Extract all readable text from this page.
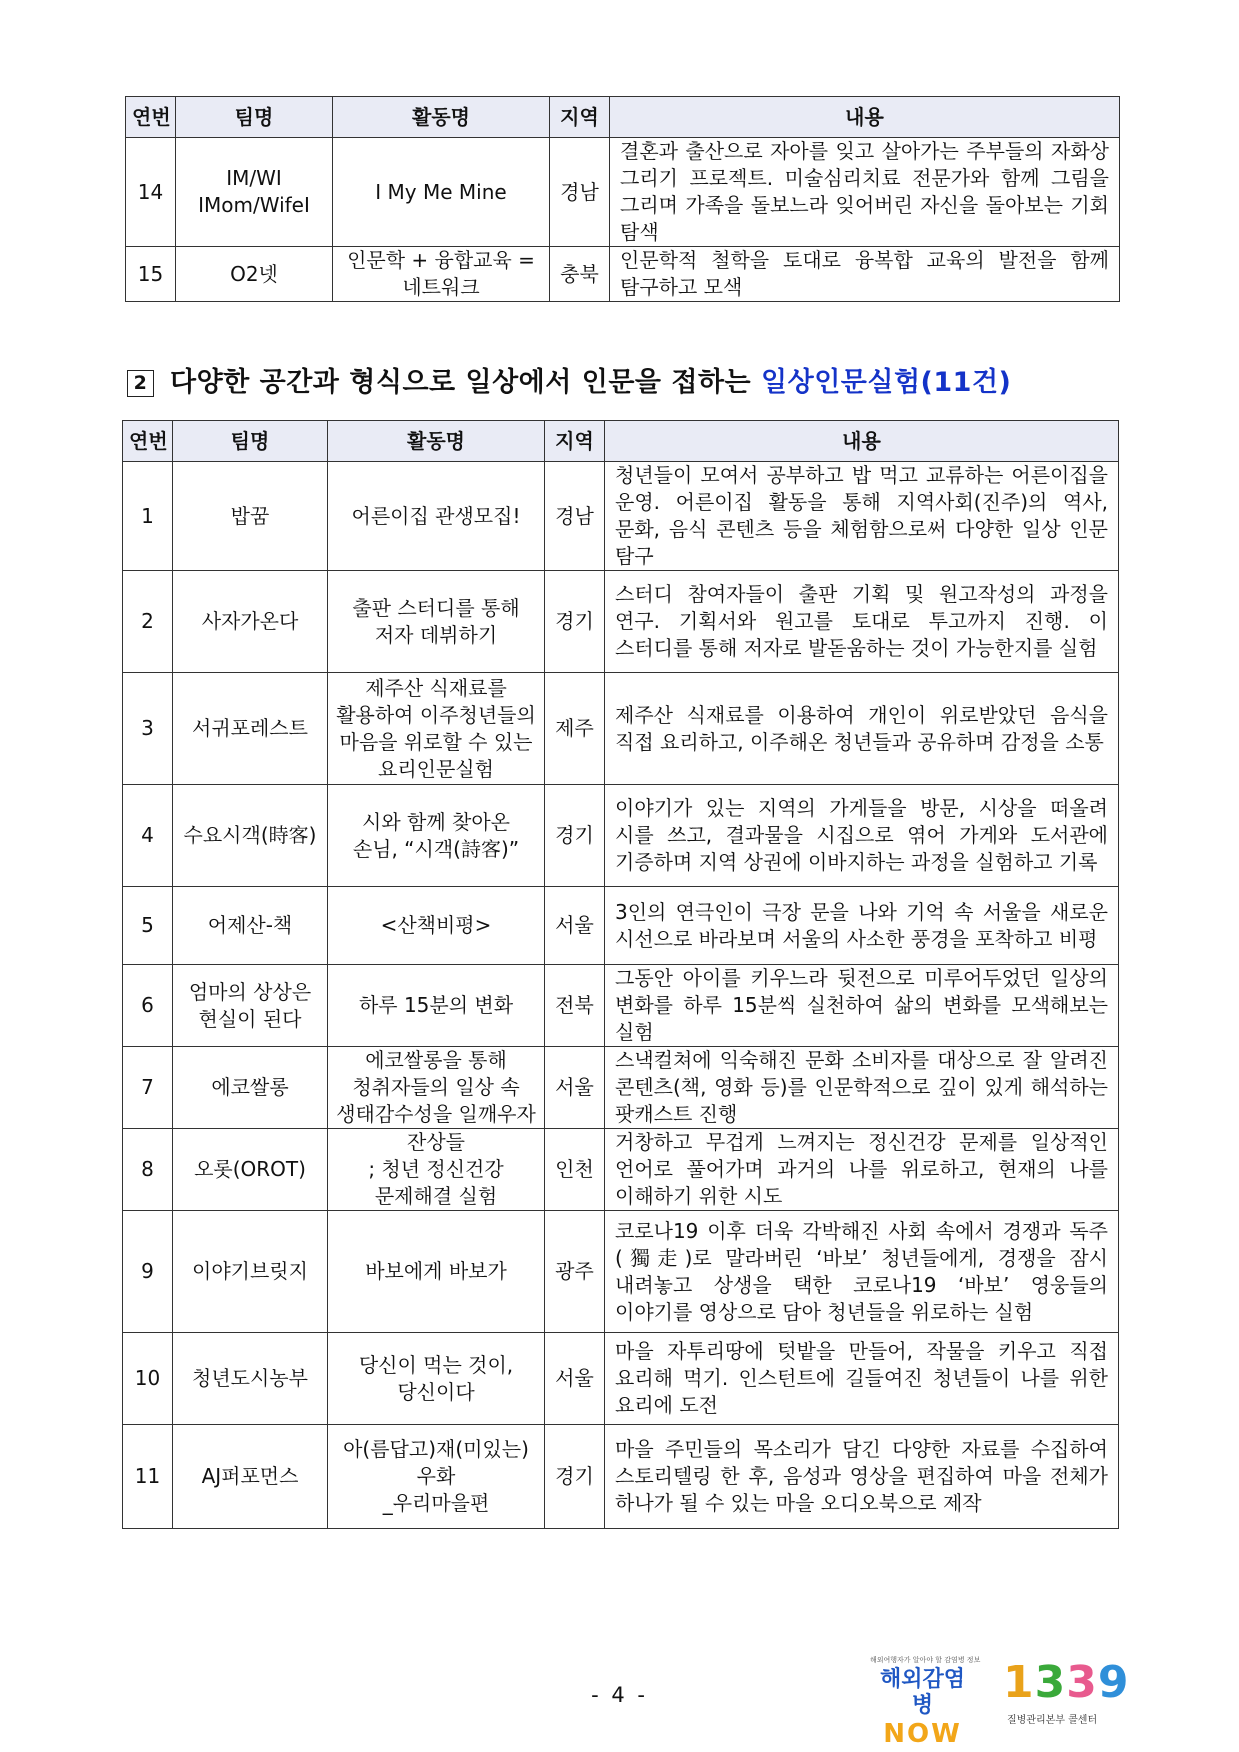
연번	팀명	활동명	지역	내용
14	IM/WI
IMom/WifeI	I My Me Mine	경남	결혼과 출산으로 자아를 잊고 살아가는 주부들의 자화상 그리기 프로젝트. 미술심리치료 전문가와 함께 그림을 그리며 가족을 돌보느라 잊어버린 자신을 돌아보는 기회 탐색
15	O2넷	인문학 + 융합교육 =
네트워크	충북	인문학적 철학을 토대로 융복합 교육의 발전을 함께 탐구하고 모색
2 다양한 공간과 형식으로 일상에서 인문을 접하는 일상인문실험(11건)
연번	팀명	활동명	지역	내용
1	밥꿈	어른이집 관생모집!	경남	청년들이 모여서 공부하고 밥 먹고 교류하는 어른이집을 운영. 어른이집 활동을 통해 지역사회(진주)의 역사, 문화, 음식 콘텐츠 등을 체험함으로써 다양한 일상 인문 탐구
2	사자가온다	출판 스터디를 통해
저자 데뷔하기	경기	스터디 참여자들이 출판 기획 및 원고작성의 과정을 연구. 기획서와 원고를 토대로 투고까지 진행. 이 스터디를 통해 저자로 발돋움하는 것이 가능한지를 실험
3	서귀포레스트	제주산 식재료를
활용하여 이주청년들의
마음을 위로할 수 있는
요리인문실험	제주	제주산 식재료를 이용하여 개인이 위로받았던 음식을 직접 요리하고, 이주해온 청년들과 공유하며 감정을 소통
4	수요시객(時客)	시와 함께 찾아온
손님, “시객(詩客)”	경기	이야기가 있는 지역의 가게들을 방문, 시상을 떠올려 시를 쓰고, 결과물을 시집으로 엮어 가게와 도서관에 기증하며 지역 상권에 이바지하는 과정을 실험하고 기록
5	어제산-책	<산책비평>	서울	3인의 연극인이 극장 문을 나와 기억 속 서울을 새로운 시선으로 바라보며 서울의 사소한 풍경을 포착하고 비평
6	엄마의 상상은
현실이 된다	하루 15분의 변화	전북	그동안 아이를 키우느라 뒷전으로 미루어두었던 일상의 변화를 하루 15분씩 실천하여 삶의 변화를 모색해보는 실험
7	에코쌀롱	에코쌀롱을 통해
청취자들의 일상 속
생태감수성을 일깨우자	서울	스낵컬쳐에 익숙해진 문화 소비자를 대상으로 잘 알려진 콘텐츠(책, 영화 등)를 인문학적으로 깊이 있게 해석하는 팟캐스트 진행
8	오롯(OROT)	잔상들
; 청년 정신건강
문제해결 실험	인천	거창하고 무겁게 느껴지는 정신건강 문제를 일상적인 언어로 풀어가며 과거의 나를 위로하고, 현재의 나를 이해하기 위한 시도
9	이야기브릿지	바보에게 바보가	광주	코로나19 이후 더욱 각박해진 사회 속에서 경쟁과 독주(獨走)로 말라버린 ‘바보’ 청년들에게, 경쟁을 잠시 내려놓고 상생을 택한 코로나19 ‘바보’ 영웅들의 이야기를 영상으로 담아 청년들을 위로하는 실험
10	청년도시농부	당신이 먹는 것이,
당신이다	서울	마을 자투리땅에 텃밭을 만들어, 작물을 키우고 직접 요리해 먹기. 인스턴트에 길들여진 청년들이 나를 위한 요리에 도전
11	AJ퍼포먼스	아(름답고)재(미있는) 우화
_우리마을편	경기	마을 주민들의 목소리가 담긴 다양한 자료를 수집하여 스토리텔링 한 후, 음성과 영상을 편집하여 마을 전체가 하나가 될 수 있는 마을 오디오북으로 제작
- 4 -
해외여행자가 알아야 할 감염병 정보
해외감염병
NOW
1339
질병관리본부 콜센터
